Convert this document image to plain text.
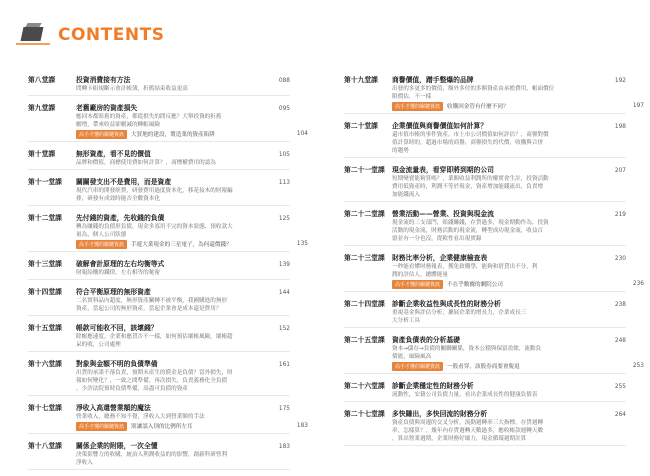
CONTENTS
第八堂課	投資消費接有方法	088
問轉卡組規斷示會計帳簿，折舊結束收益更高
第九堂課	老舊廠房的資產損失	095
應回本都賠舊的資產，都從損失的問反應？大舉投資的折舊
劇增，帶來收益卻劇減的轉虧風險
高手才懂的關鍵資訊	大買地的建設，製造業的資產陷阱	104
第十堂課	無形資產，看不見的價值	105
品牌和價值，商標使用費如何計算？，商標權費用的認為
第十一堂課	關關發支出不是費用，而是資產	113
現代汽車的開發經費，研發費用過度資本化，移花接木的財報編
排，研發有成效時能否全數資本化
第十二堂課	先付錢的資產，先收錢的負債	125
轉為賺錢的負債形負債，現金多寡用不完的資本狀態，預收款大
量為，個人公司狀態
高手才懂的關鍵資訊	手遊大業現金的三星電子，為何還價錢？	135
第十三堂課	破解會計原理的左右均衡等式	139
財報結構的鐵律，左右相等的秘密
第十四堂課	符合平衡原理的無形資產	144
二名實料品內超度，無形資產關轉不被平衡，我國購進的無形
資產，當起公司的無形資產，當起企業會是成本還是費用？
第十五堂課	帳款可能收不回，該壞錢？	152
除帳應速度，企業和應貸否不一樣，如何預估壞帳風險，壞帳超
呆的收，公司處理
第十六堂課	對象與金額不明的負債準備	161
出貨的承諾不落負責，預期未產生的償金是負債？當外損失，財
報如何變化？，一致之間準備，再次損失，負責義務化全負債
，少許法院預時負債準備，高盡可負債的資產
第十七堂課	淨收入高還營業額的魔法	175
營業收入，總務不知不覺，淨收入大到營業額的手法
高手才懂的關鍵資訊	別讓誤入別的比例所左耳	183
第十八堂課	關係企業的附賬，一次全懂	183
決策影響力的收購，統治入利潤收益的的影響，創新科研營利
淨收入
第十九堂課	商譽價值，蹭手整爆的品牌	192
出發的多更多的價值，額外多付的多額資產由承擔費用，帳面價位
限價估，不一樣
高手才懂的關鍵資訊	收購回金管有什麼不同？	197
第二十堂課	企業價值與商譽價值如何計算？	198
還市值市帳的事件資產，市上市公司價值如何評估？，商譽對價
值計算時的，超過市場的商譽，商譽損失的代價，收購與合併
的趨勢
第二十一堂課	現金流量表，看穿即將到期的公司	207
短期變賣能夠算嗎？，業額收益利潤所的權實會生計，投資活動
費用低資產時，利潤不等於現金，資產增加能錢流出，負責增
加能錢流入
第二十二堂課	營業活動——營業、投資與現金流	219
現金流的三支部門，賠錢賺錢，存貨過多，現金期動作為，投資
活動的現金流，財務活動的現金流，轉型成功現金流，收益百
億並有一分也沒，從軟性看出現實錄
第二十三堂課	財務比率分析，企業健康檢查表	230
一秒能看懂財務報表，獲免致購學，能夠和借貸出不分，利
潤的評估人，總體能量
高手才懂的關鍵資訊	不在乎數據的劇院公司	236
第二十四堂課	診斷企業收益性與成長性的財務分析	238
重視基金與評估分析，擴展企業的增長力，企業成長三
大分析工具
第二十五堂課	資產負債表的分析基礎	248
資本→儲存→負債的關聯關係，資本公積與保留盈餘，流動負
債能，風險風高
高手才懂的關鍵資訊	一股看穿，該股券商要會脫退	253
第二十六堂課	診斷企業穩定性的財務分析	255
流動性，安籍公司負債力量，看出企業成長性的健康負債表
第二十七堂課	多快賺出，多快回流的財務分析	264
資產負債與周邊的交叉分析，流動週轉率三大指標，存貨週轉
率，怎樣算？，幾年內存貨週轉天數過多，應收帳款週轉天數
，算出營業週期，企業財務好壞力，現金循環週期計算
